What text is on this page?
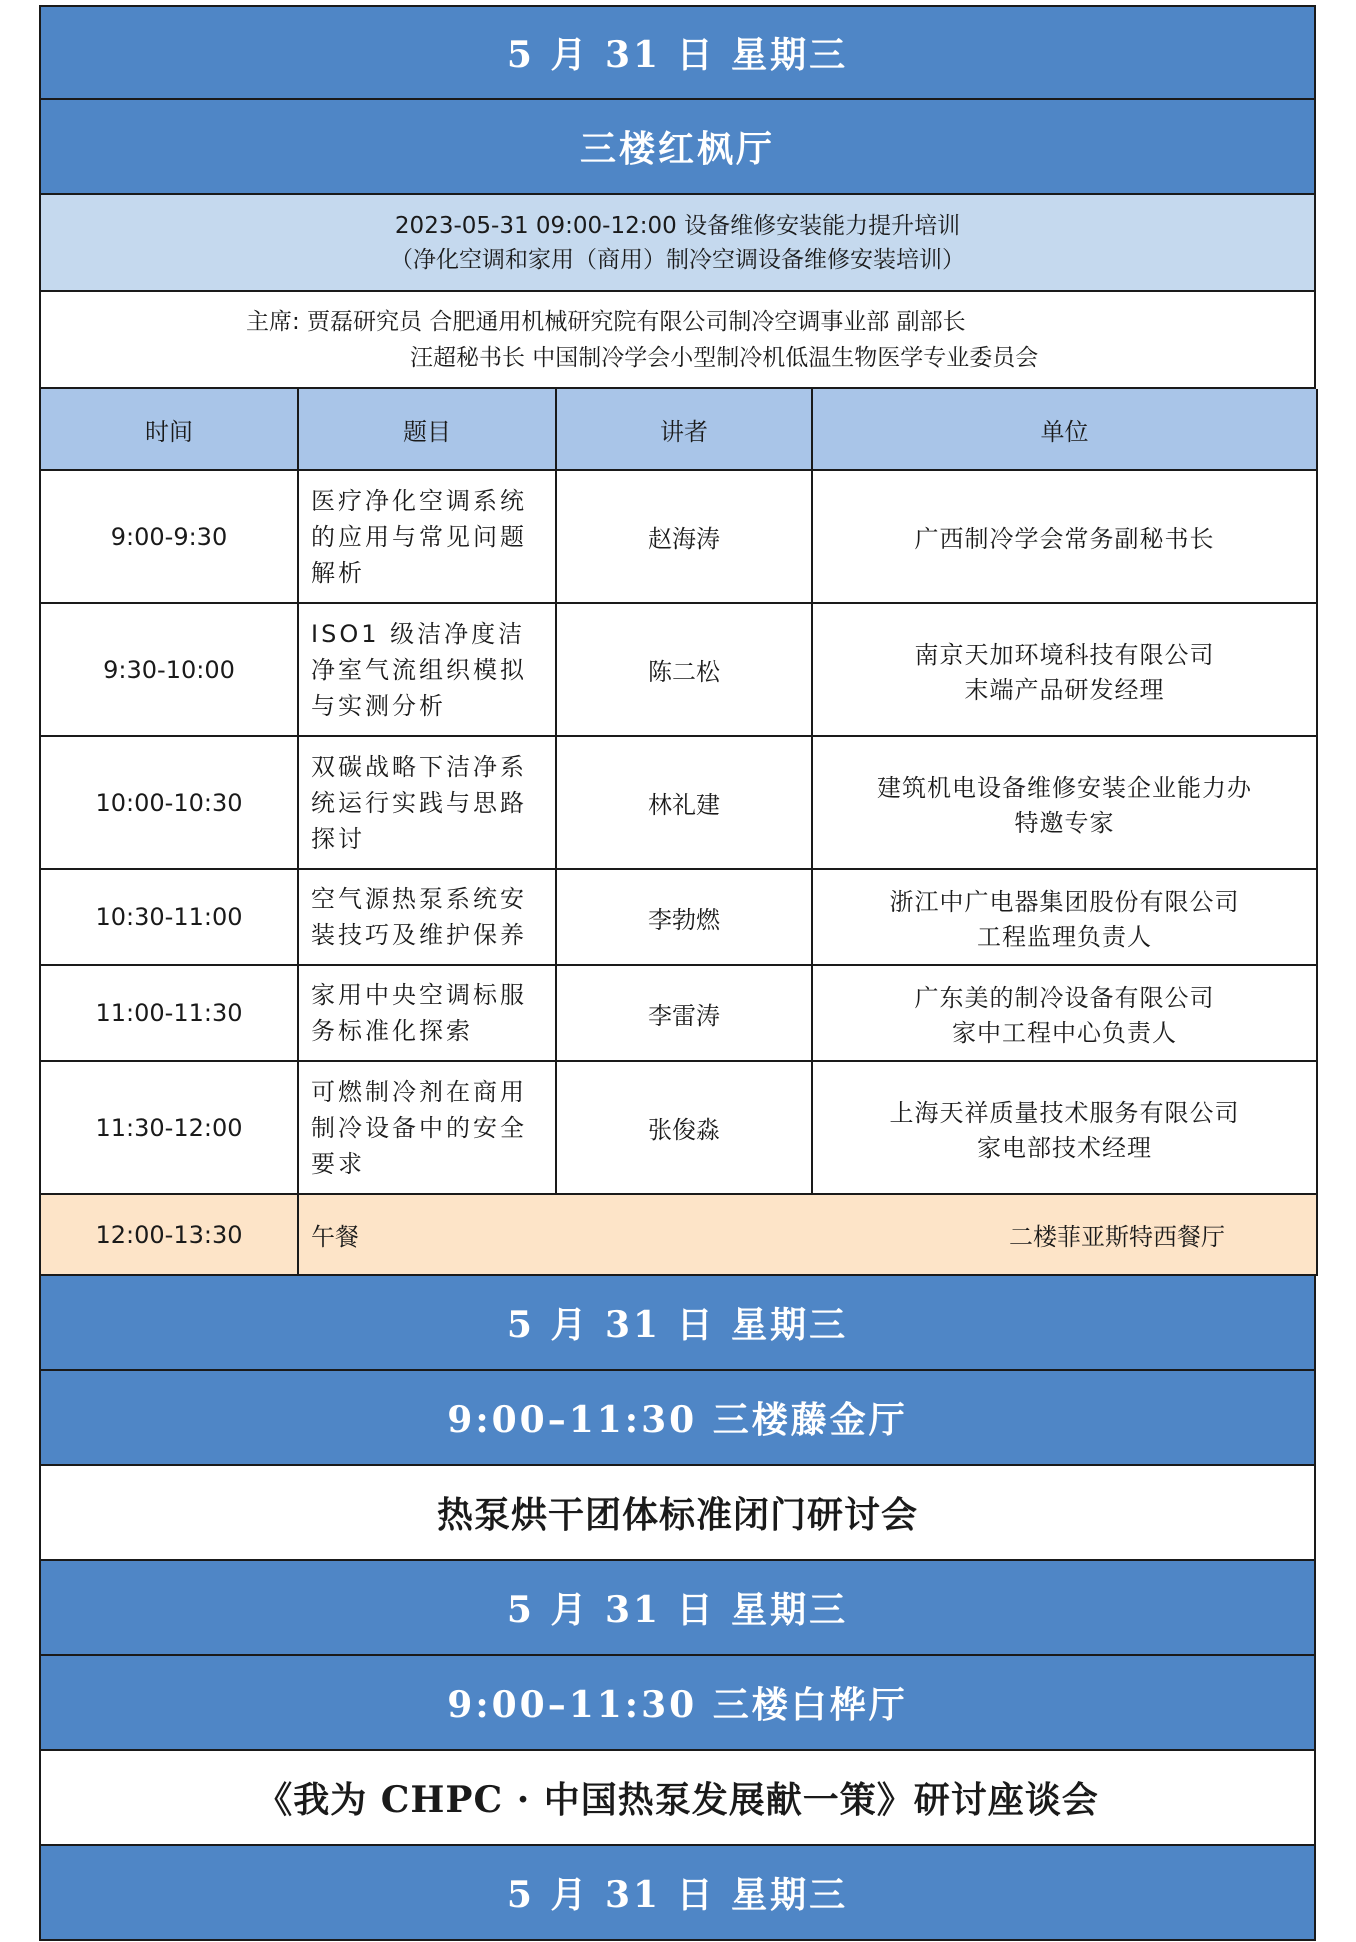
5 月 31 日 星期三
三楼红枫厅
2023-05-31 09:00-12:00 设备维修安装能力提升培训
（净化空调和家用（商用）制冷空调设备维修安装培训）
主席: 贾磊研究员 合肥通用机械研究院有限公司制冷空调事业部 副部长
汪超秘书长 中国制冷学会小型制冷机低温生物医学专业委员会
时间	题目	讲者	单位
9:00-9:30	医疗净化空调系统的应用与常见问题解析	赵海涛	广西制冷学会常务副秘书长

9:30-10:00	ISO1 级洁净度洁净室气流组织模拟与实测分析	陈二松	南京天加环境科技有限公司
末端产品研发经理

10:00-10:30	双碳战略下洁净系统运行实践与思路探讨	林礼建	建筑机电设备维修安装企业能力办
特邀专家

10:30-11:00	空气源热泵系统安装技巧及维护保养	李勃燃	浙江中广电器集团股份有限公司
工程监理负责人

11:00-11:30	家用中央空调标服务标准化探索	李雷涛	广东美的制冷设备有限公司
家中工程中心负责人

11:30-12:00	可燃制冷剂在商用制冷设备中的安全要求	张俊淼	上海天祥质量技术服务有限公司
家电部技术经理

12:00-13:30	午餐 二楼菲亚斯特西餐厅		
5 月 31 日 星期三
9:00–11:30 三楼藤金厅
热泵烘干团体标准闭门研讨会
5 月 31 日 星期三
9:00–11:30 三楼白桦厅
《我为 CHPC · 中国热泵发展献一策》研讨座谈会
5 月 31 日 星期三
